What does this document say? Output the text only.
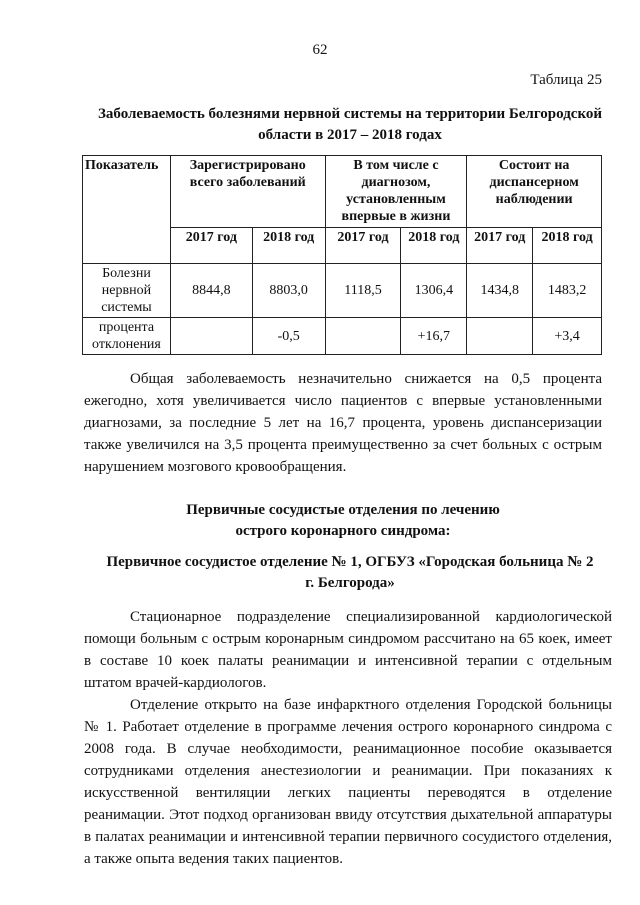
62
Таблица 25
Заболеваемость болезнями нервной системы на территории Белгородской
области в 2017 – 2018 годах
Показатель	Зарегистрировано всего заболеваний		В том числе с диагнозом, установленным впервые в жизни		Состоит на диспансерном наблюдении	
	2017 год	2018 год	2017 год	2018 год	2017 год	2018 год
Болезни нервной системы	8844,8	8803,0	1118,5	1306,4	1434,8	1483,2
процента отклонения		-0,5		+16,7		+3,4

Общая заболеваемость незначительно снижается на 0,5 процента ежегодно, хотя увеличивается число пациентов с впервые установленными диагнозами, за последние 5 лет на 16,7 процента, уровень диспансеризации также увеличился на 3,5 процента преимущественно за счет больных с острым нарушением мозгового кровообращения.

Первичные сосудистые отделения по лечению
острого коронарного синдрома:
Первичное сосудистое отделение № 1, ОГБУЗ «Городская больница № 2
г. Белгорода»

Стационарное подразделение специализированной кардиологической помощи больным с острым коронарным синдромом рассчитано на 65 коек, имеет в составе 10 коек палаты реанимации и интенсивной терапии с отдельным штатом врачей-кардиологов.

Отделение открыто на базе инфарктного отделения Городской больницы № 1. Работает отделение в программе лечения острого коронарного синдрома с 2008 года. В случае необходимости, реанимационное пособие оказывается сотрудниками отделения анестезиологии и реанимации. При показаниях к искусственной вентиляции легких пациенты переводятся в отделение реанимации. Этот подход организован ввиду отсутствия дыхательной аппаратуры в палатах реанимации и интенсивной терапии первичного сосудистого отделения, а также опыта ведения таких пациентов.
